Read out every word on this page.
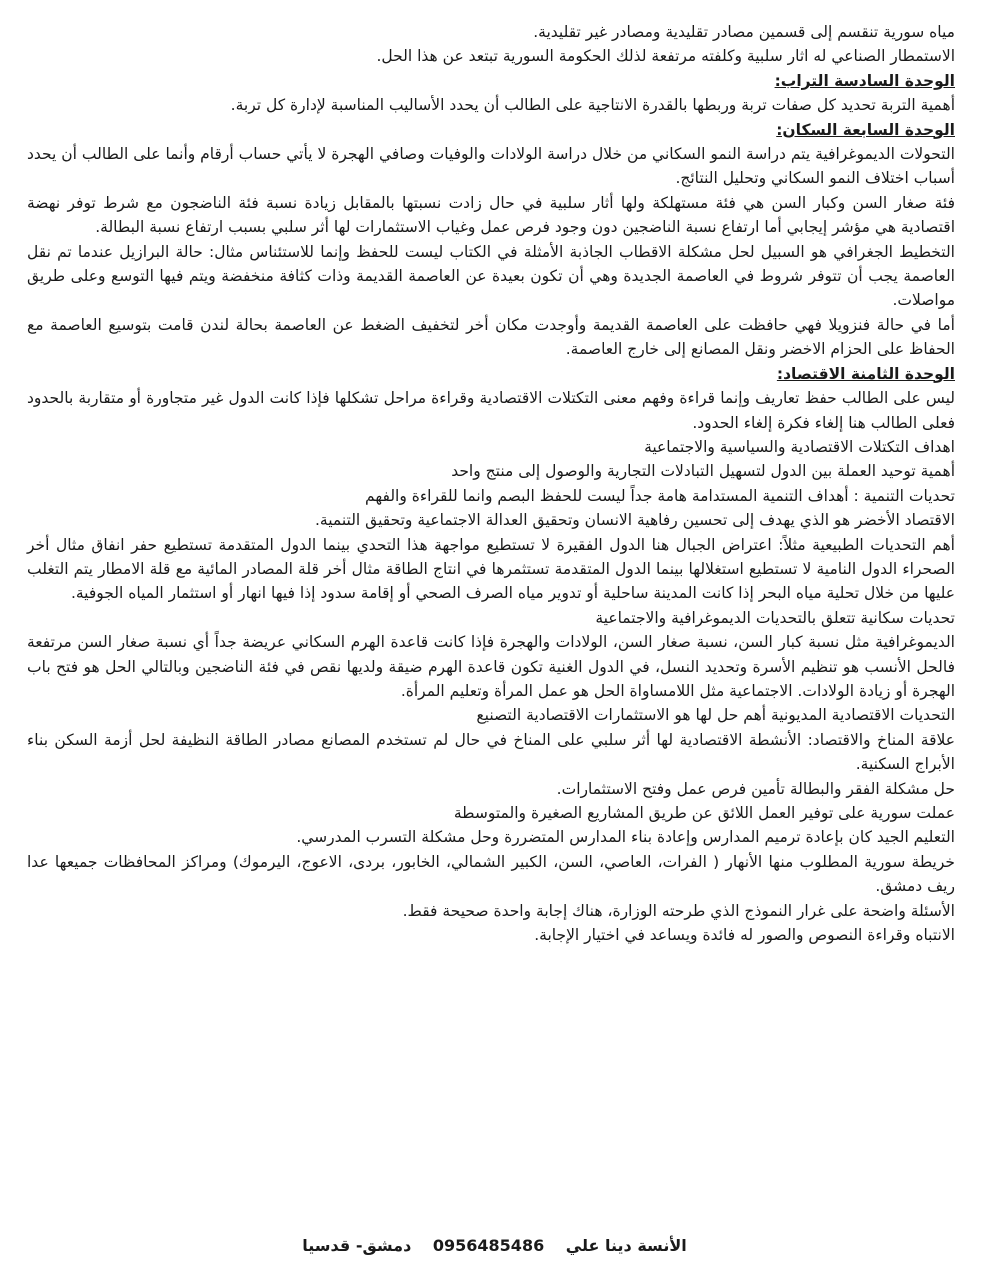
مياه سورية تنقسم إلى قسمين مصادر تقليدية ومصادر غير تقليدية.

الاستمطار الصناعي له اثار سلبية وكلفته مرتفعة لذلك الحكومة السورية تبتعد عن هذا الحل.

الوحدة السادسة التراب:

أهمية التربة تحديد كل صفات تربة وربطها بالقدرة الانتاجية على الطالب أن يحدد الأساليب المناسبة لإدارة كل تربة.

الوحدة السابعة السكان:

التحولات الديموغرافية يتم دراسة النمو السكاني من خلال دراسة الولادات والوفيات وصافي الهجرة لا يأتي حساب أرقام وأنما على الطالب أن يحدد أسباب اختلاف النمو السكاني وتحليل النتائج.

فئة صغار السن وكبار السن هي فئة مستهلكة ولها أثار سلبية في حال زادت نسبتها بالمقابل زيادة نسبة فئة الناضجون مع شرط توفر نهضة اقتصادية هي مؤشر إيجابي أما ارتفاع نسبة الناضجين دون وجود فرص عمل وغياب الاستثمارات لها أثر سلبي بسبب ارتفاع نسبة البطالة.

التخطيط الجغرافي هو السبيل لحل مشكلة الاقطاب الجاذبة الأمثلة في الكتاب ليست للحفظ وإنما للاستئناس مثال: حالة البرازيل عندما تم نقل العاصمة يجب أن تتوفر شروط في العاصمة الجديدة وهي أن تكون بعيدة عن العاصمة القديمة وذات كثافة منخفضة ويتم فيها التوسع وعلى طريق مواصلات.

أما في حالة فنزويلا فهي حافظت على العاصمة القديمة وأوجدت مكان أخر لتخفيف الضغط عن العاصمة بحالة لندن قامت بتوسيع العاصمة مع الحفاظ على الحزام الاخضر ونقل المصانع إلى خارج العاصمة.

الوحدة الثامنة الاقتصاد:

ليس على الطالب حفظ تعاريف وإنما قراءة وفهم معنى التكتلات الاقتصادية وقراءة مراحل تشكلها فإذا كانت الدول غير متجاورة أو متقاربة بالحدود فعلى الطالب هنا إلغاء فكرة إلغاء الحدود.

اهداف التكتلات الاقتصادية والسياسية والاجتماعية

أهمية توحيد العملة بين الدول لتسهيل التبادلات التجارية والوصول إلى منتج واحد

تحديات التنمية : أهداف التنمية المستدامة هامة جداً ليست للحفظ البصم وانما للقراءة والفهم

الاقتصاد الأخضر هو الذي يهدف إلى تحسين رفاهية الانسان وتحقيق العدالة الاجتماعية وتحقيق التنمية.

أهم التحديات الطبيعية مثلاً: اعتراض الجبال هنا الدول الفقيرة لا تستطيع مواجهة هذا التحدي بينما الدول المتقدمة تستطيع حفر انفاق مثال أخر الصحراء الدول النامية لا تستطيع استغلالها بينما الدول المتقدمة تستثمرها في انتاج الطاقة مثال أخر قلة المصادر المائية مع قلة الامطار يتم التغلب عليها من خلال تحلية مياه البحر إذا كانت المدينة ساحلية أو تدوير مياه الصرف الصحي أو إقامة سدود إذا فيها انهار أو استثمار المياه الجوفية.

تحديات سكانية تتعلق بالتحديات الديموغرافية والاجتماعية

الديموغرافية مثل نسبة كبار السن، نسبة صغار السن، الولادات والهجرة فإذا كانت قاعدة الهرم السكاني عريضة جداً أي نسبة صغار السن مرتفعة فالحل الأنسب هو تنظيم الأسرة وتحديد النسل، في الدول الغنية تكون قاعدة الهرم ضيقة ولديها نقص في فئة الناضجين وبالتالي الحل هو فتح باب الهجرة أو زيادة الولادات. الاجتماعية مثل اللامساواة الحل هو عمل المرأة وتعليم المرأة.

التحديات الاقتصادية المديونية أهم حل لها هو الاستثمارات الاقتصادية التصنيع

علاقة المناخ والاقتصاد: الأنشطة الاقتصادية لها أثر سلبي على المناخ في حال لم تستخدم المصانع مصادر الطاقة النظيفة لحل أزمة السكن بناء الأبراج السكنية.

حل مشكلة الفقر والبطالة تأمين فرص عمل وفتح الاستثمارات.

عملت سورية على توفير العمل اللائق عن طريق المشاريع الصغيرة والمتوسطة

التعليم الجيد كان بإعادة ترميم المدارس وإعادة بناء المدارس المتضررة وحل مشكلة التسرب المدرسي.

خريطة سورية المطلوب منها الأنهار ( الفرات، العاصي، السن، الكبير الشمالي، الخابور، بردى، الاعوج، اليرموك) ومراكز المحافظات جميعها عدا ريف دمشق.

الأسئلة واضحة على غرار النموذج الذي طرحته الوزارة، هناك إجابة واحدة صحيحة فقط.

الانتباه وقراءة النصوص والصور له فائدة ويساعد في اختيار الإجابة.

الأنسة دينا علي 0956485486 دمشق- قدسيا
